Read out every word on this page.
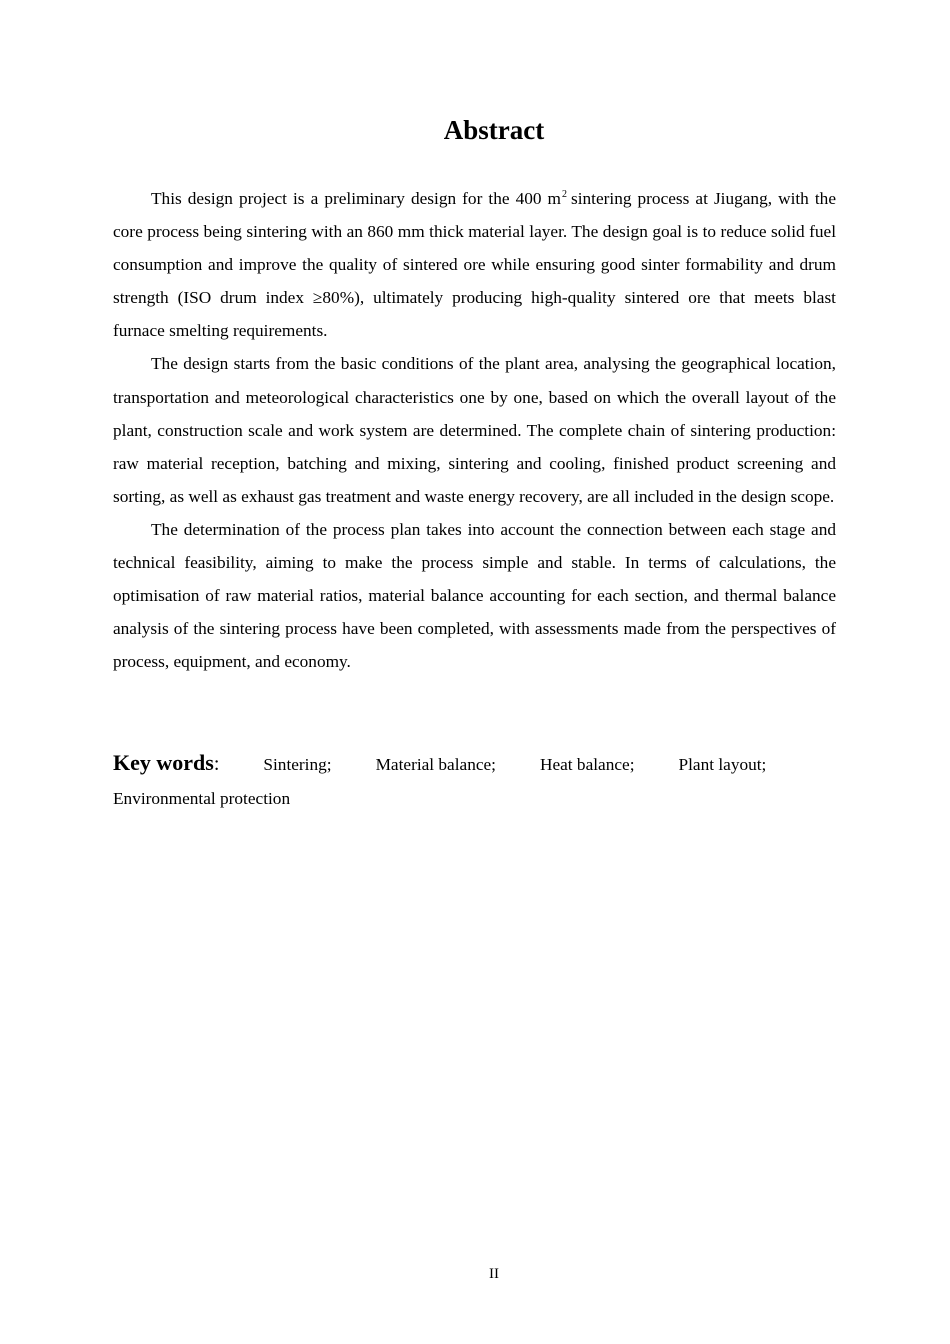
Abstract

This design project is a preliminary design for the 400 $m^2$ sintering process at Jiugang, with the core process being sintering with an 860 mm thick material layer. The design goal is to reduce solid fuel consumption and improve the quality of sintered ore while ensuring good sinter formability and drum strength (ISO drum index ≥80%), ultimately producing high-quality sintered ore that meets blast furnace smelting requirements.

The design starts from the basic conditions of the plant area, analysing the geographical location, transportation and meteorological characteristics one by one, based on which the overall layout of the plant, construction scale and work system are determined. The complete chain of sintering production: raw material reception, batching and mixing, sintering and cooling, finished product screening and sorting, as well as exhaust gas treatment and waste energy recovery, are all included in the design scope.

The determination of the process plan takes into account the connection between each stage and technical feasibility, aiming to make the process simple and stable. In terms of calculations, the optimisation of raw material ratios, material balance accounting for each section, and thermal balance analysis of the sintering process have been completed, with assessments made from the perspectives of process, equipment, and economy.

Key words :	Sintering;	Material balance;	Heat balance;	Plant layout;
Environmental protection
II
